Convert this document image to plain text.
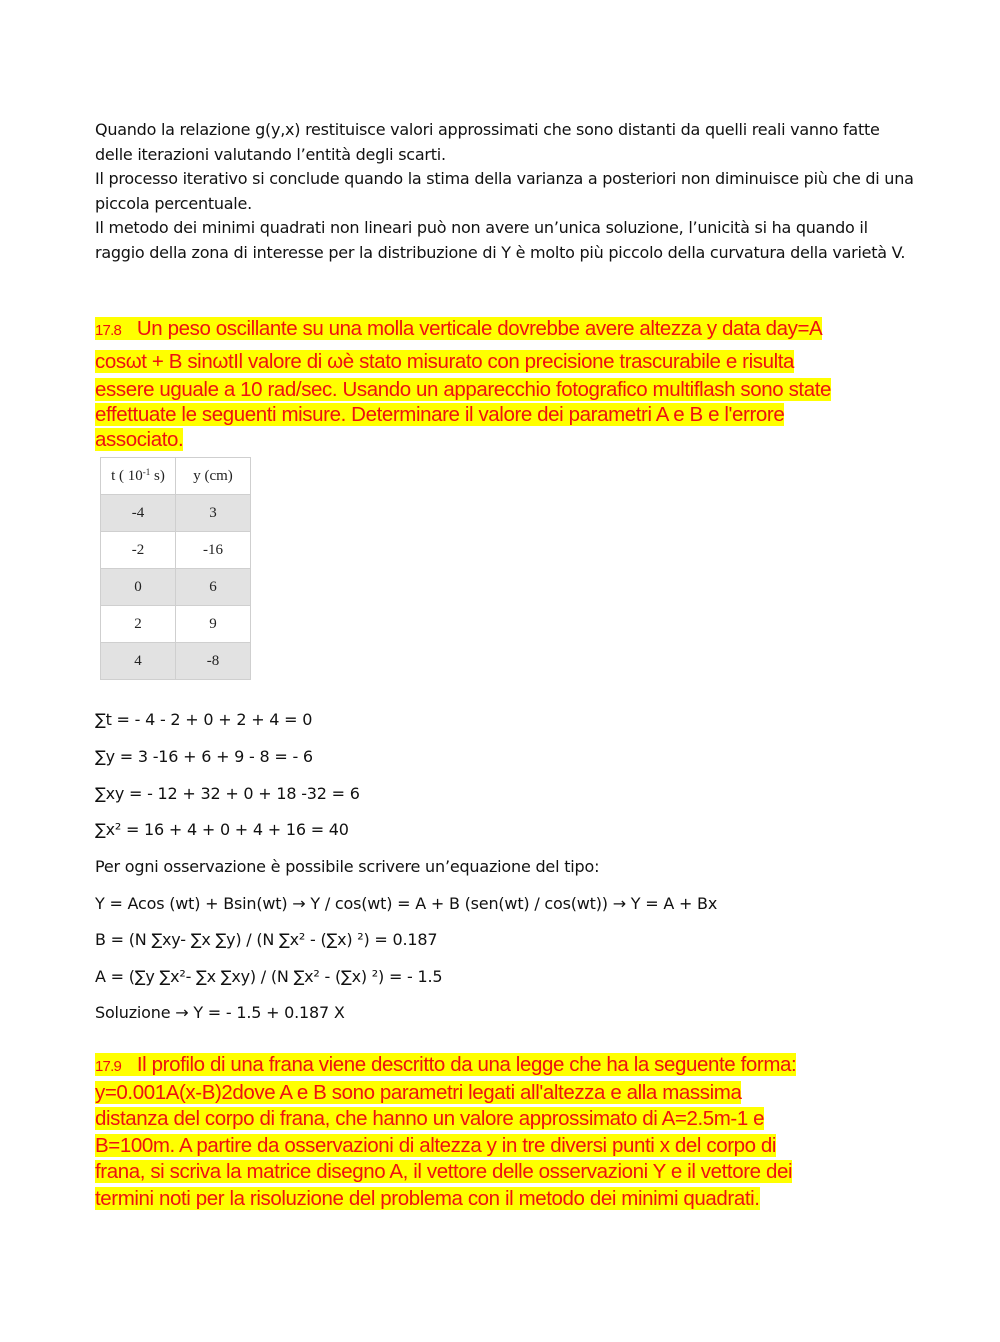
Quando la relazione g(y,x) restituisce valori approssimati che sono distanti da quelli reali vanno fatte delle iterazioni valutando l’entità degli scarti.
Il processo iterativo si conclude quando la stima della varianza a posteriori non diminuisce più che di una piccola percentuale.
Il metodo dei minimi quadrati non lineari può non avere un’unica soluzione, l’unicità si ha quando il raggio della zona di interesse per la distribuzione di Y è molto più piccolo della curvatura della varietà V.
17.8 Un peso oscillante su una molla verticale dovrebbe avere altezza y data day=A
cosωt + B sinωtIl valore di ωè stato misurato con precisione trascurabile e risulta
essere uguale a 10 rad/sec. Usando un apparecchio fotografico multiflash sono state
effettuate le seguenti misure. Determinare il valore dei parametri A e B e l'errore
associato.
t ( $10^{-1}$ s)	y (cm)
-4	3
-2	-16
0	6
2	9
4	-8
∑t = - 4 - 2 + 0 + 2 + 4 = 0
∑y = 3 -16 + 6 + 9 - 8 = - 6
∑xy = - 12 + 32 + 0 + 18 -32 = 6
∑x² = 16 + 4 + 0 + 4 + 16 = 40
Per ogni osservazione è possibile scrivere un’equazione del tipo:
Y = Acos (wt) + Bsin(wt) → Y / cos(wt) = A + B (sen(wt) / cos(wt)) → Y = A + Bx
B = (N ∑xy- ∑x ∑y) / (N ∑x² - (∑x) ²) = 0.187
A = (∑y ∑x²- ∑x ∑xy) / (N ∑x² - (∑x) ²) = - 1.5
Soluzione → Y = - 1.5 + 0.187 X
17.9 Il profilo di una frana viene descritto da una legge che ha la seguente forma:
y=0.001A(x-B)2dove A e B sono parametri legati all'altezza e alla massima
distanza del corpo di frana, che hanno un valore approssimato di A=2.5m-1 e
B=100m. A partire da osservazioni di altezza y in tre diversi punti x del corpo di
frana, si scriva la matrice disegno A, il vettore delle osservazioni Y e il vettore dei
termini noti per la risoluzione del problema con il metodo dei minimi quadrati.
